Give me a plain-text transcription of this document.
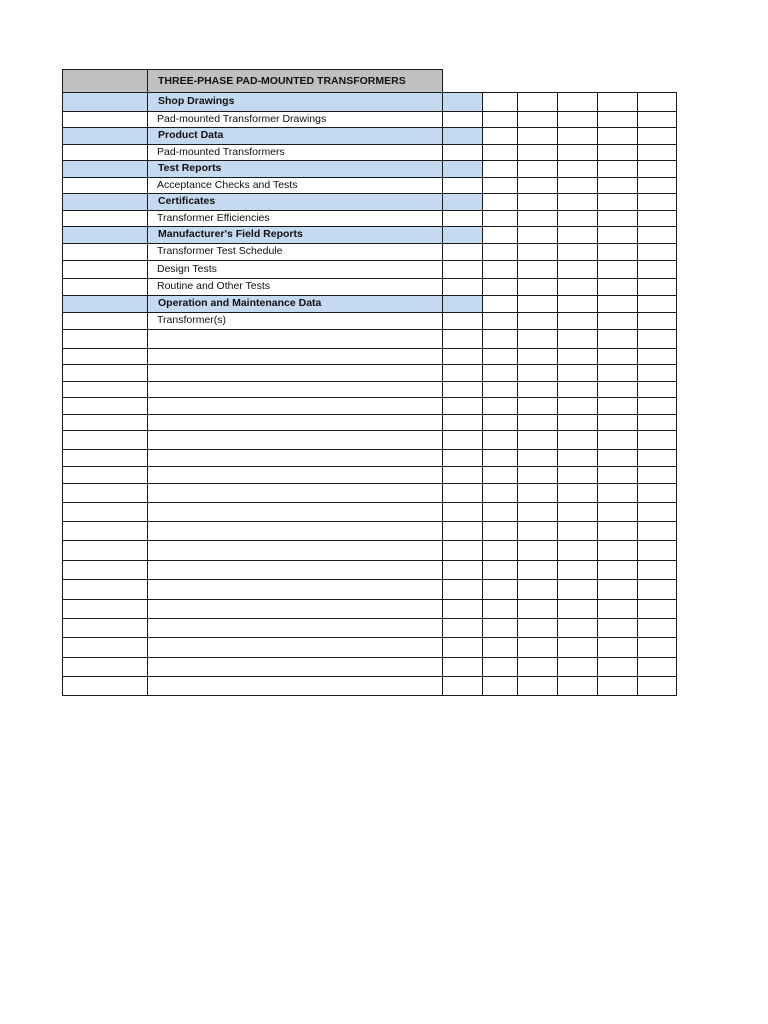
THREE-PHASE PAD-MOUNTED TRANSFORMERS
Shop Drawings
Pad-mounted Transformer Drawings
Product Data
Pad-mounted Transformers
Test Reports
Acceptance Checks and Tests
Certificates
Transformer Efficiencies
Manufacturer's Field Reports
Transformer Test Schedule
Design Tests
Routine and Other Tests
Operation and Maintenance Data
Transformer(s)
